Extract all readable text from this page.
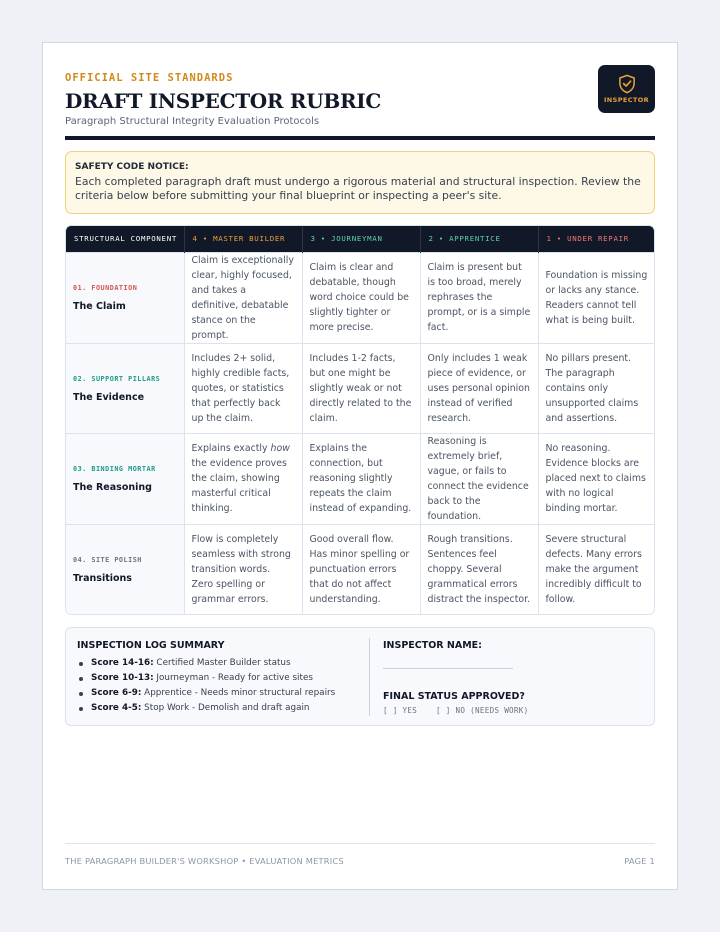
OFFICIAL SITE STANDARDS
DRAFT INSPECTOR RUBRIC
Paragraph Structural Integrity Evaluation Protocols
INSPECTOR
SAFETY CODE NOTICE:
Each completed paragraph draft must undergo a rigorous material and structural inspection. Review the criteria below before submitting your final blueprint or inspecting a peer's site.
STRUCTURAL COMPONENT	4 • MASTER BUILDER	3 • JOURNEYMAN	2 • APPRENTICE	1 • UNDER REPAIR

01. FOUNDATION
The Claim	Claim is exceptionally clear, highly focused, and takes a definitive, debatable stance on the prompt.	Claim is clear and debatable, though word choice could be slightly tighter or more precise.	Claim is present but is too broad, merely rephrases the prompt, or is a simple fact.	Foundation is missing or lacks any stance. Readers cannot tell what is being built.

02. SUPPORT PILLARS
The Evidence	Includes 2+ solid, highly credible facts, quotes, or statistics that perfectly back up the claim.	Includes 1-2 facts, but one might be slightly weak or not directly related to the claim.	Only includes 1 weak piece of evidence, or uses personal opinion instead of verified research.	No pillars present. The paragraph contains only unsupported claims and assertions.

03. BINDING MORTAR
The Reasoning	Explains exactly how the evidence proves the claim, showing masterful critical thinking.	Explains the connection, but reasoning slightly repeats the claim instead of expanding.	Reasoning is extremely brief, vague, or fails to connect the evidence back to the foundation.	No reasoning. Evidence blocks are placed next to claims with no logical binding mortar.

04. SITE POLISH
Transitions	Flow is completely seamless with strong transition words. Zero spelling or grammar errors.	Good overall flow. Has minor spelling or punctuation errors that do not affect understanding.	Rough transitions. Sentences feel choppy. Several grammatical errors distract the inspector.	Severe structural defects. Many errors make the argument incredibly difficult to follow.
INSPECTION LOG SUMMARY
Score 14-16: Certified Master Builder status
Score 10-13: Journeyman - Ready for active sites
Score 6-9: Apprentice - Needs minor structural repairs
Score 4-5: Stop Work - Demolish and draft again
INSPECTOR NAME:
FINAL STATUS APPROVED?
[ ] YES [ ] NO (NEEDS WORK)
THE PARAGRAPH BUILDER'S WORKSHOP • EVALUATION METRICS	PAGE 1
